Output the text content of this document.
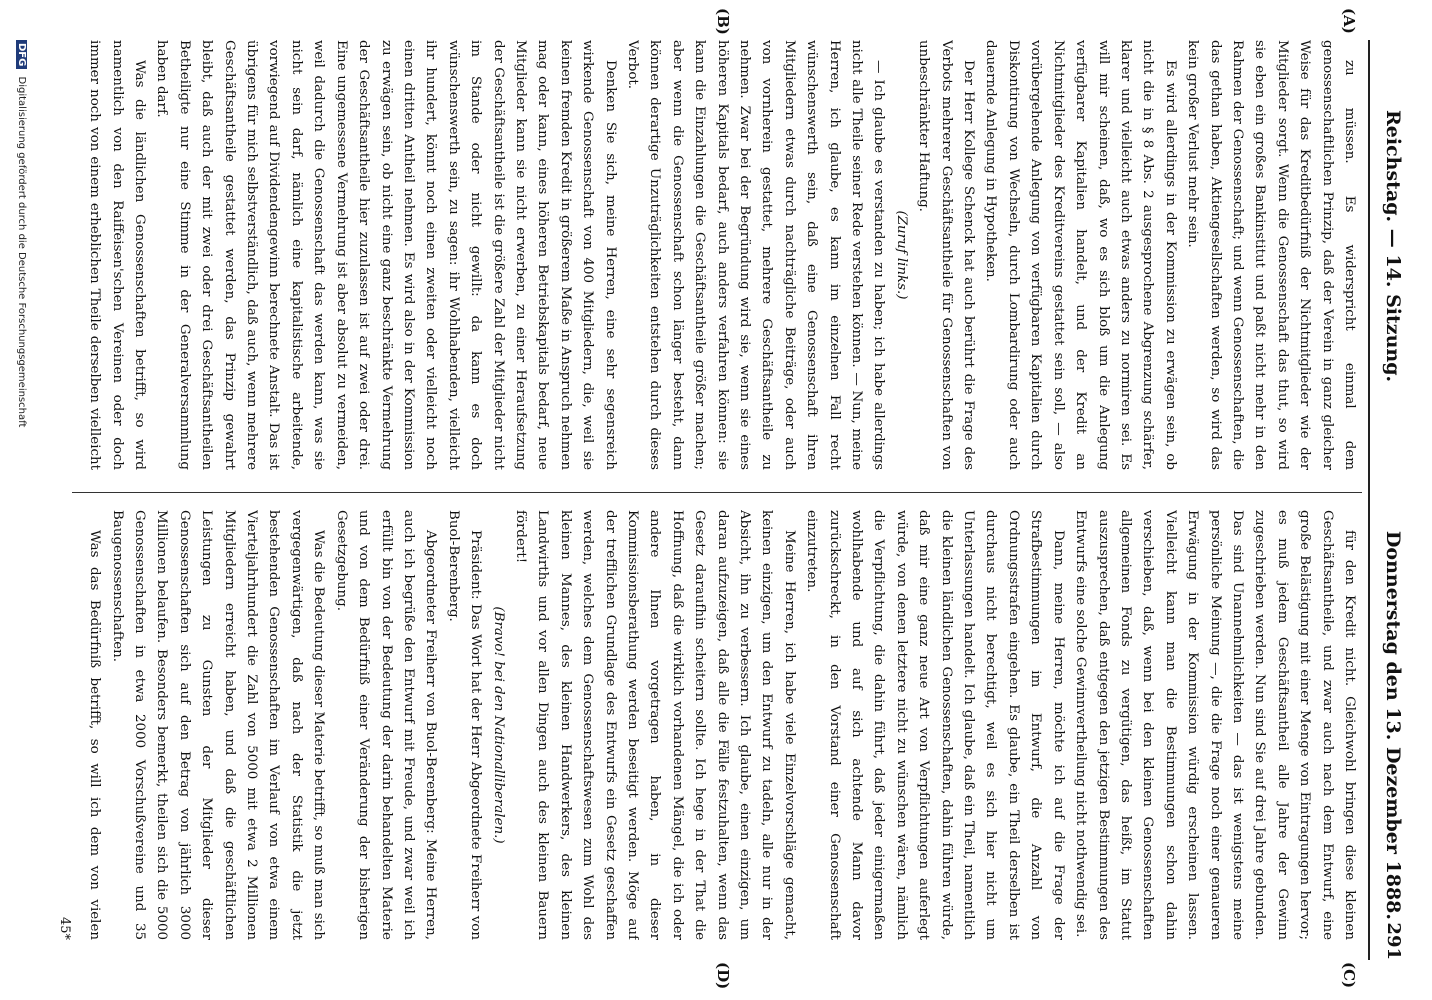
Reichstag. — 14. Sitzung.
Donnerstag den 13. Dezember 1888.
291
(A)
(B)
(C)
(D)

zu müssen. Es widerspricht einmal dem genossenschaftlichen Prinzip, daß der Verein in ganz gleicher Weise für das Kreditbedürfniß der Nichtmitglieder wie der Mitglieder sorgt. Wenn die Genossenschaft das thut, so wird sie eben ein großes Bankinstitut und paßt nicht mehr in den Rahmen der Genossenschaft; und wenn Genossenschaften, die das gethan haben, Aktiengesellschaften werden, so wird das kein großer Verlust mehr sein.

Es wird allerdings in der Kommission zu erwägen sein, ob nicht die in § 8 Abs. 2 ausgesprochene Abgrenzung schärfer, klarer und vielleicht auch etwas anders zu normiren sei. Es will mir scheinen, daß, wo es sich bloß um die Anlegung verfügbarer Kapitalien handelt, und der Kredit an Nichtmitglieder des Kreditvereins gestattet sein soll, — also vorübergehende Anlegung von verfügbaren Kapitalien durch Diskontirung von Wechseln, durch Lombardirung oder auch dauernde Anlegung in Hypotheken.

Der Herr Kollege Schenck hat auch berührt die Frage des Verbots mehrerer Geschäftsantheile für Genossenschaften von unbeschränkter Haftung.

(Zuruf links.)

— Ich glaube es verstanden zu haben; ich habe allerdings nicht alle Theile seiner Rede verstehen können. — Nun, meine Herren, ich glaube, es kann im einzelnen Fall recht wünschenswerth sein, daß eine Genossenschaft ihren Mitgliedern etwas durch nachträgliche Beiträge, oder auch von vornherein gestattet, mehrere Geschäftsantheile zu nehmen. Zwar bei der Begründung wird sie, wenn sie eines höheren Kapitals bedarf, auch anders verfahren können: sie kann die Einzahlungen die Geschäftsantheile größer machen; aber wenn die Genossenschaft schon länger besteht, dann können derartige Unzuträglichkeiten entstehen durch dieses Verbot.

Denken Sie sich, meine Herren, eine sehr segensreich wirkende Genossenschaft von 400 Mitgliedern, die, weil sie keinen fremden Kredit in größerem Maße in Anspruch nehmen mag oder kann, eines höheren Betriebskapitals bedarf, neue Mitglieder kann sie nicht erwerben, zu einer Heraufsetzung der Geschäftsantheile ist die größere Zahl der Mitglieder nicht im Stande oder nicht gewillt: da kann es doch wünschenswerth sein, zu sagen: ihr Wohlhabenden, vielleicht ihr hundert, könnt noch einen zweiten oder vielleicht noch einen dritten Antheil nehmen. Es wird also in der Kommission zu erwägen sein, ob nicht eine ganz beschränkte Vermehrung der Geschäftsantheile hier zuzulassen ist auf zwei oder drei. Eine ungemessene Vermehrung ist aber absolut zu vermeiden, weil dadurch die Genossenschaft das werden kann, was sie nicht sein darf, nämlich eine kapitalistische arbeitende, vorwiegend auf Dividendengewinn berechnete Anstalt. Das ist übrigens für mich selbstverständlich, daß auch, wenn mehrere Geschäftsantheile gestattet werden, das Prinzip gewahrt bleibt, daß auch der mit zwei oder drei Geschäftsantheilen Betheiligte nur eine Stimme in der Generalversammlung haben darf.

Was die ländlichen Genossenschaften betrifft, so wird namentlich von den Raiffeisen'schen Vereinen oder doch immer noch von einem erheblichen Theile derselben vielleicht

für den Kredit nicht. Gleichwohl bringen diese kleinen Geschäftsantheile, und zwar auch nach dem Entwurf, eine große Belästigung mit einer Menge von Eintragungen hervor; es muß jedem Geschäftsantheil alle Jahre der Gewinn zugeschrieben werden. Nun sind Sie auf drei Jahre gebunden. Das sind Unannehmlichkeiten — das ist wenigstens meine persönliche Meinung —, die die Frage noch einer genaueren Erwägung in der Kommission würdig erscheinen lassen. Vielleicht kann man die Bestimmungen schon dahin verschieben, daß, wenn bei den kleinen Genossenschaften allgemeinen Fonds zu vergütigen, das heißt, im Statut auszusprechen, daß entgegen den jetzigen Bestimmungen des Entwurfs eine solche Gewinnvertheilung nicht nothwendig sei.

Dann, meine Herren, möchte ich auf die Frage der Strafbestimmungen im Entwurf, die Anzahl von Ordnungsstrafen eingehen. Es glaube, ein Theil derselben ist durchaus nicht berechtigt, weil es sich hier nicht um Unterlassungen handelt. Ich glaube, daß ein Theil, namentlich die kleinen ländlichen Genossenschaften, dahin führen würde, daß mir eine ganz neue Art von Verpflichtungen auferlegt würde, von denen letztere nicht zu wünschen wären, nämlich die Verpflichtung, die dahin führt, daß jeder einigermaßen wohlhabende und auf sich achtende Mann davor zurückschreckt, in den Vorstand einer Genossenschaft einzutreten.

Meine Herren, ich habe viele Einzelvorschläge gemacht, keinen einzigen, um den Entwurf zu tadeln, alle nur in der Absicht, ihn zu verbessern. Ich glaube, einen einzigen, um daran aufzuzeigen, daß alle die Fälle festzuhalten, wenn das Gesetz daraufhin scheitern sollte. Ich hege in der That die Hoffnung, daß die wirklich vorhandenen Mängel, die ich oder andere Ihnen vorgetragen haben, in dieser Kommissionsberathung werden beseitigt werden. Möge auf der trefflichen Grundlage des Entwurfs ein Gesetz geschaffen werden, welches dem Genossenschaftswesen zum Wohl des kleinen Mannes, des kleinen Handwerkers, des kleinen Landwirths und vor allen Dingen auch des kleinen Bauern fördert!

(Bravo! bei den Nationalliberalen.)

Präsident: Das Wort hat der Herr Abgeordnete Freiherr von Buol-Berenberg.

Abgeordneter Freiherr von Buol-Berenberg: Meine Herren, auch ich begrüße den Entwurf mit Freude, und zwar weil ich erfüllt bin von der Bedeutung der darin behandelten Materie und von dem Bedürfniß einer Veränderung der bisherigen Gesetzgebung.

Was die Bedeutung dieser Materie betrifft, so muß man sich vergegenwärtigen, daß nach der Statistik die jetzt bestehenden Genossenschaften im Verlauf von etwa einem Vierteljahrhundert die Zahl von 5000 mit etwa 2 Millionen Mitgliedern erreicht haben, und daß die geschäftlichen Leistungen zu Gunsten der Mitglieder dieser Genossenschaften sich auf den Betrag von jährlich 3000 Millionen belaufen. Besonders bemerkt, theilen sich die 5000 Genossenschaften in etwa 2000 Vorschußvereine und 35 Baugenossenschaften.

Was das Bedürfniß betrifft, so will ich dem von vielen

45*
DFG Digitalisierung gefördert durch die Deutsche Forschungsgemeinschaft
